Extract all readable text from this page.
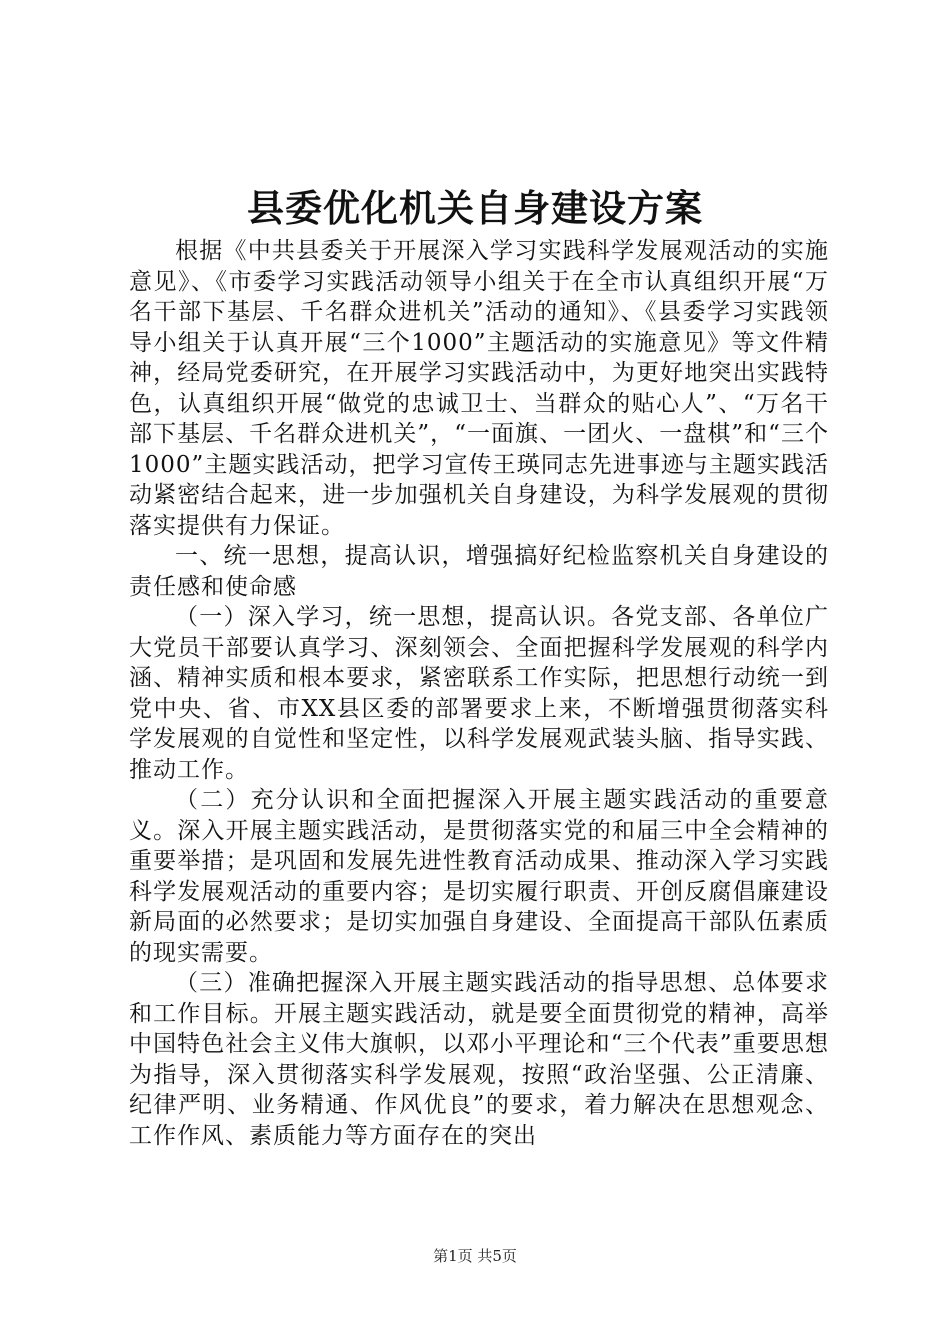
县委优化机关自身建设方案

根据《中共县委关于开展深入学习实践科学发展观活动的实施意见》、《市委学习实践活动领导小组关于在全市认真组织开展“万名干部下基层、千名群众进机关”活动的通知》、《县委学习实践领导小组关于认真开展“三个1000”主题活动的实施意见》等文件精神，经局党委研究，在开展学习实践活动中，为更好地突出实践特色，认真组织开展“做党的忠诚卫士、当群众的贴心人”、“万名干部下基层、千名群众进机关”，“一面旗、一团火、一盘棋”和“三个1000”主题实践活动，把学习宣传王瑛同志先进事迹与主题实践活动紧密结合起来，进一步加强机关自身建设，为科学发展观的贯彻落实提供有力保证。

一、统一思想，提高认识，增强搞好纪检监察机关自身建设的责任感和使命感

（一）深入学习，统一思想，提高认识。各党支部、各单位广大党员干部要认真学习、深刻领会、全面把握科学发展观的科学内涵、精神实质和根本要求，紧密联系工作实际，把思想行动统一到党中央、省、市XX县区委的部署要求上来，不断增强贯彻落实科学发展观的自觉性和坚定性，以科学发展观武装头脑、指导实践、推动工作。

（二）充分认识和全面把握深入开展主题实践活动的重要意义。深入开展主题实践活动，是贯彻落实党的和届三中全会精神的重要举措；是巩固和发展先进性教育活动成果、推动深入学习实践科学发展观活动的重要内容；是切实履行职责、开创反腐倡廉建设新局面的必然要求；是切实加强自身建设、全面提高干部队伍素质的现实需要。

（三）准确把握深入开展主题实践活动的指导思想、总体要求和工作目标。开展主题实践活动，就是要全面贯彻党的精神，高举中国特色社会主义伟大旗帜，以邓小平理论和“三个代表”重要思想为指导，深入贯彻落实科学发展观，按照“政治坚强、公正清廉、纪律严明、业务精通、作风优良”的要求，着力解决在思想观念、工作作风、素质能力等方面存在的突出

第1页 共5页
